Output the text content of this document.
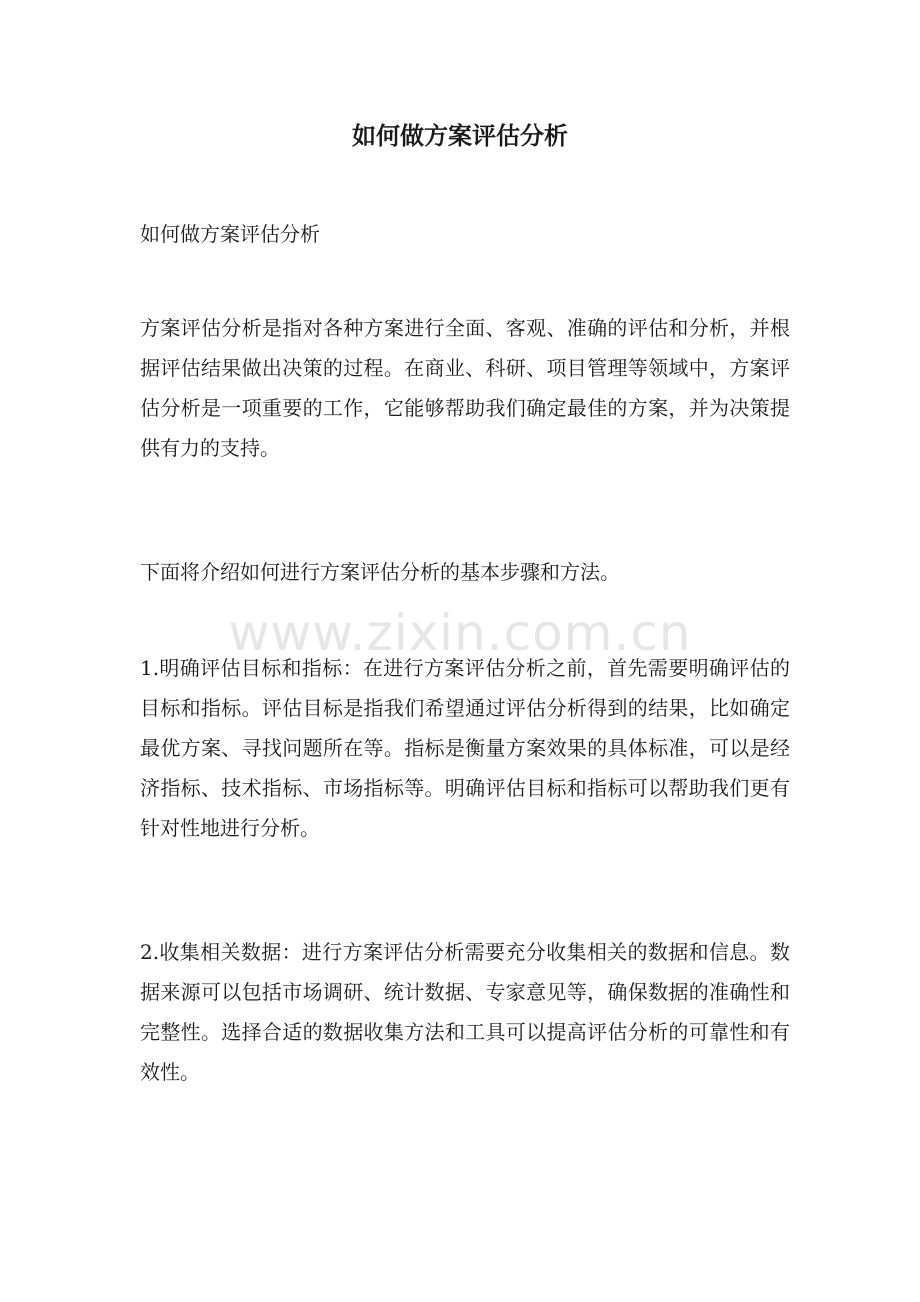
如何做方案评估分析

如何做方案评估分析

方案评估分析是指对各种方案进行全面、客观、准确的评估和分析，并根据评估结果做出决策的过程。在商业、科研、项目管理等领域中，方案评估分析是一项重要的工作，它能够帮助我们确定最佳的方案，并为决策提供有力的支持。

下面将介绍如何进行方案评估分析的基本步骤和方法。

www.zixin.com.cn

1.明确评估目标和指标：在进行方案评估分析之前，首先需要明确评估的目标和指标。评估目标是指我们希望通过评估分析得到的结果，比如确定最优方案、寻找问题所在等。指标是衡量方案效果的具体标准，可以是经济指标、技术指标、市场指标等。明确评估目标和指标可以帮助我们更有针对性地进行分析。

2.收集相关数据：进行方案评估分析需要充分收集相关的数据和信息。数据来源可以包括市场调研、统计数据、专家意见等，确保数据的准确性和完整性。选择合适的数据收集方法和工具可以提高评估分析的可靠性和有效性。
